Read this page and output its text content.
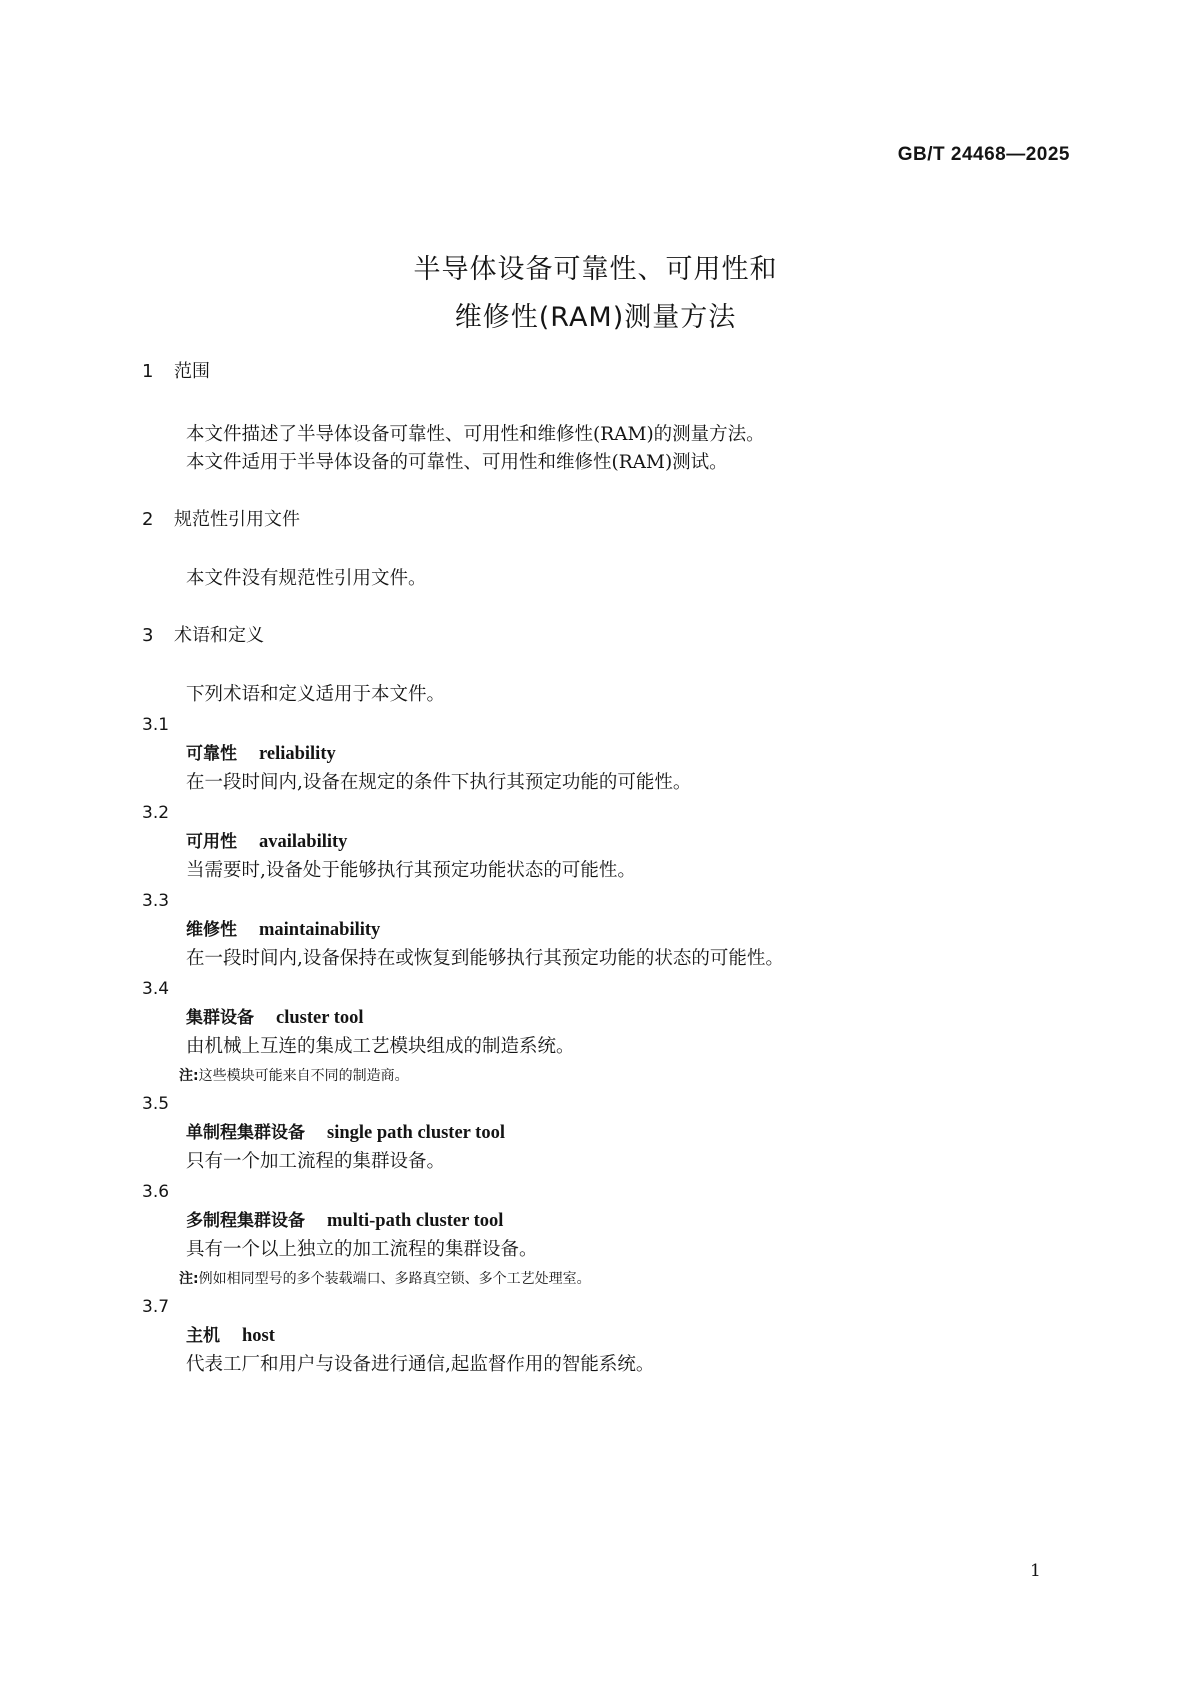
GB/T 24468—2025
半导体设备可靠性、可用性和
维修性(RAM)测量方法
1 范围
本文件描述了半导体设备可靠性、可用性和维修性(RAM)的测量方法。
本文件适用于半导体设备的可靠性、可用性和维修性(RAM)测试。
2 规范性引用文件
本文件没有规范性引用文件。
3 术语和定义
下列术语和定义适用于本文件。
3.1
可靠性 reliability
在一段时间内,设备在规定的条件下执行其预定功能的可能性。
3.2
可用性 availability
当需要时,设备处于能够执行其预定功能状态的可能性。
3.3
维修性 maintainability
在一段时间内,设备保持在或恢复到能够执行其预定功能的状态的可能性。
3.4
集群设备 cluster tool
由机械上互连的集成工艺模块组成的制造系统。
注:这些模块可能来自不同的制造商。
3.5
单制程集群设备 single path cluster tool
只有一个加工流程的集群设备。
3.6
多制程集群设备 multi-path cluster tool
具有一个以上独立的加工流程的集群设备。
注:例如相同型号的多个装载端口、多路真空锁、多个工艺处理室。
3.7
主机 host
代表工厂和用户与设备进行通信,起监督作用的智能系统。
1
